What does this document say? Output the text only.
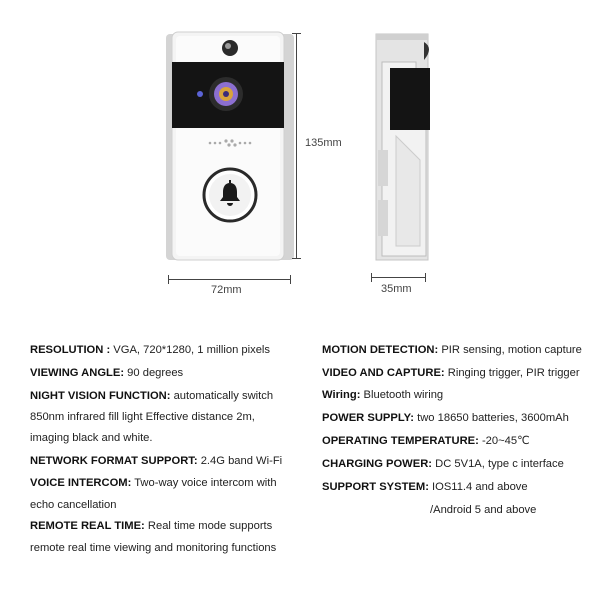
135mm
72mm	35mm
RESOLUTION : VGA, 720*1280, 1 million pixels
VIEWING ANGLE: 90 degrees
NIGHT VISION FUNCTION: automatically switch
850nm infrared fill light Effective distance 2m,
imaging black and white.
NETWORK FORMAT SUPPORT: 2.4G band Wi-Fi
VOICE INTERCOM: Two-way voice intercom with
echo cancellation
REMOTE REAL TIME: Real time mode supports
remote real time viewing and monitoring functions
MOTION DETECTION: PIR sensing, motion capture
VIDEO AND CAPTURE: Ringing trigger, PIR trigger
Wiring: Bluetooth wiring
POWER SUPPLY: two 18650 batteries, 3600mAh
OPERATING TEMPERATURE: -20~45℃
CHARGING POWER: DC 5V1A, type c interface
SUPPORT SYSTEM: IOS11.4 and above
/Android 5 and above
